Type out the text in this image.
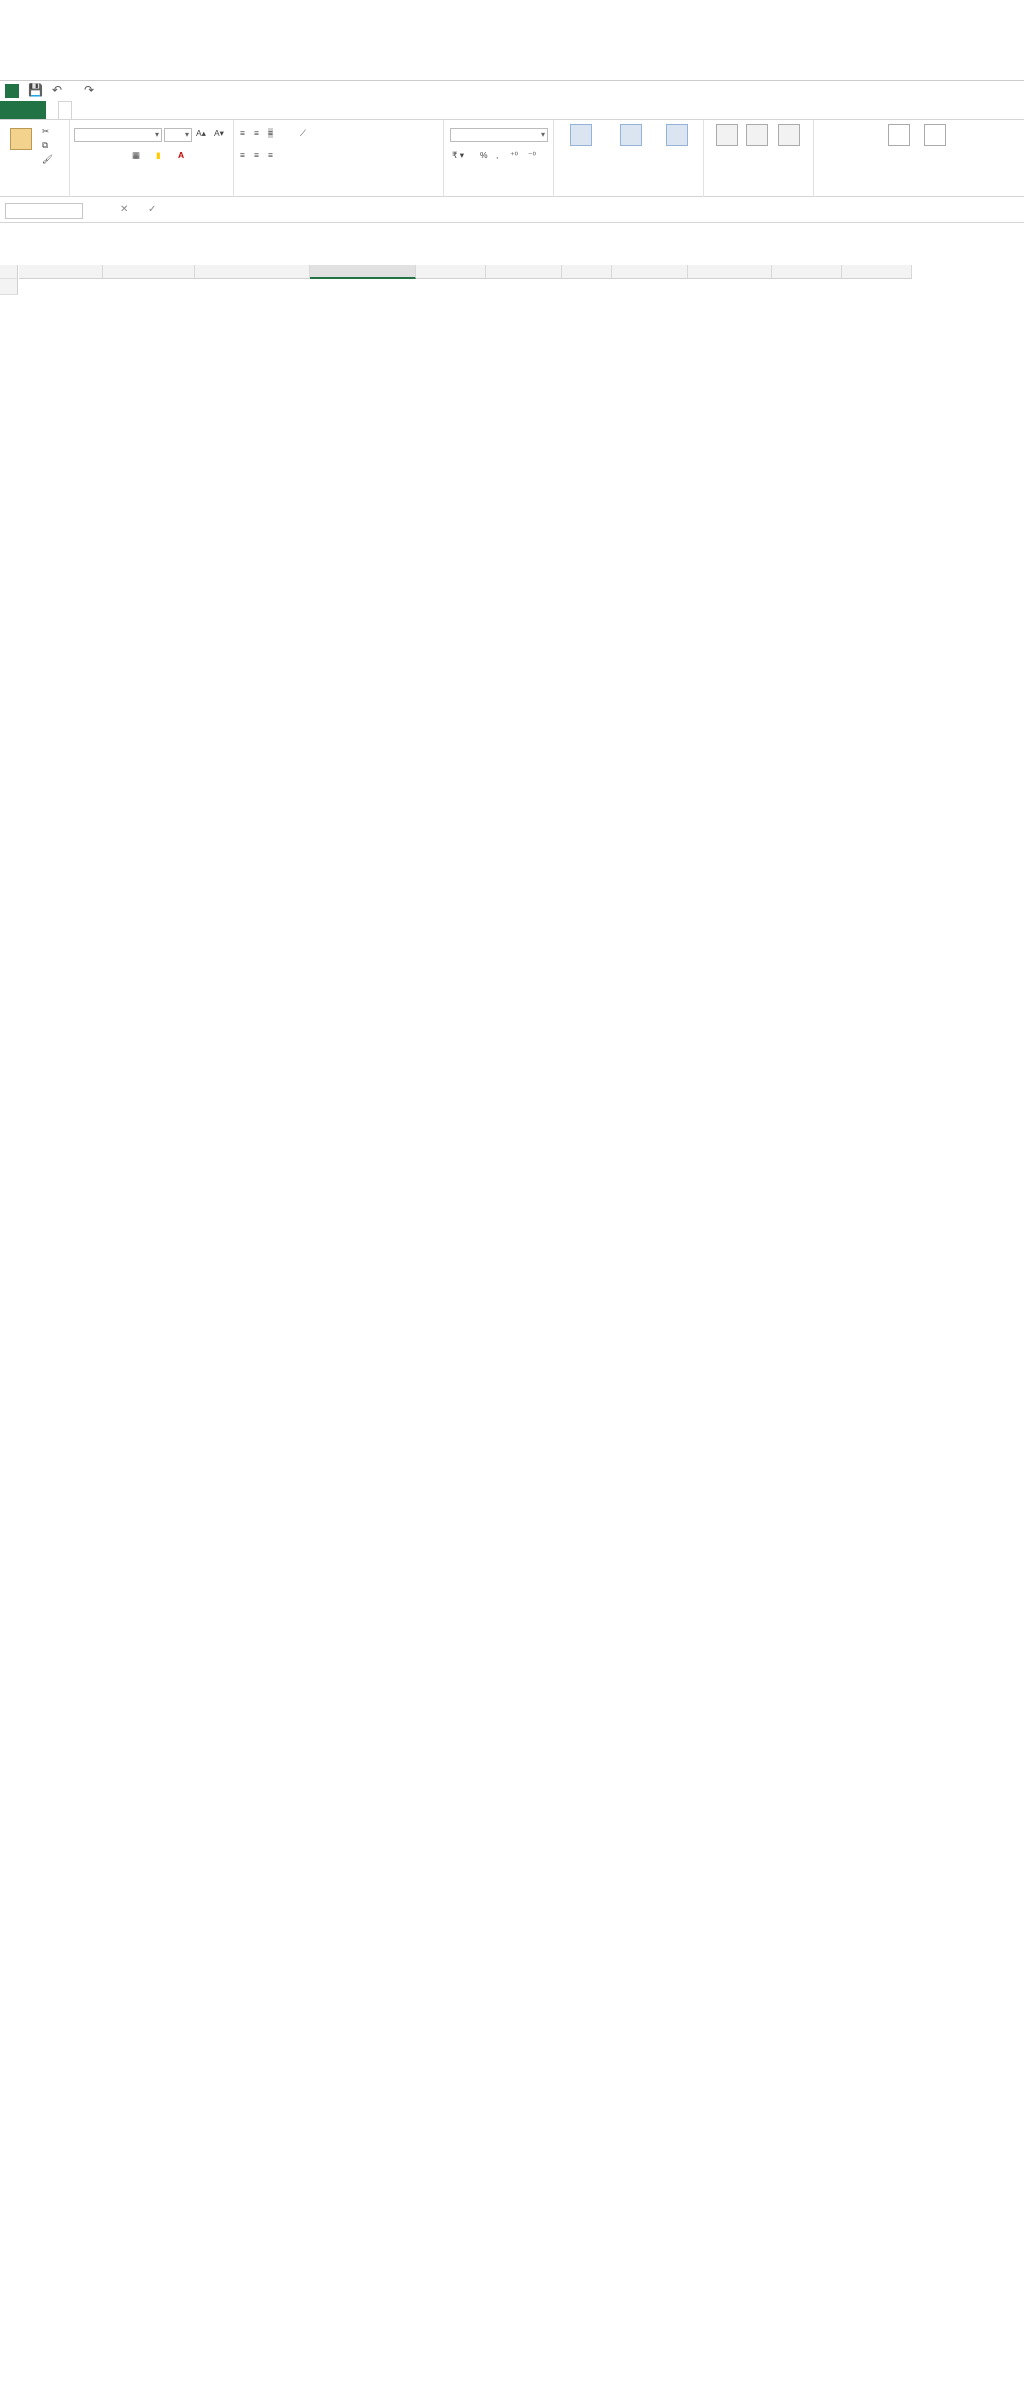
💾 ↶ ↷
✂
⧉
🖌
▾
▾
A▴ A▾
▦ ▮ A
≡ ≡ ≡	⟋
≡ ≡ ≡
▾	₹ ▾ % , ⁺⁰ ⁻⁰
✕ ✓
